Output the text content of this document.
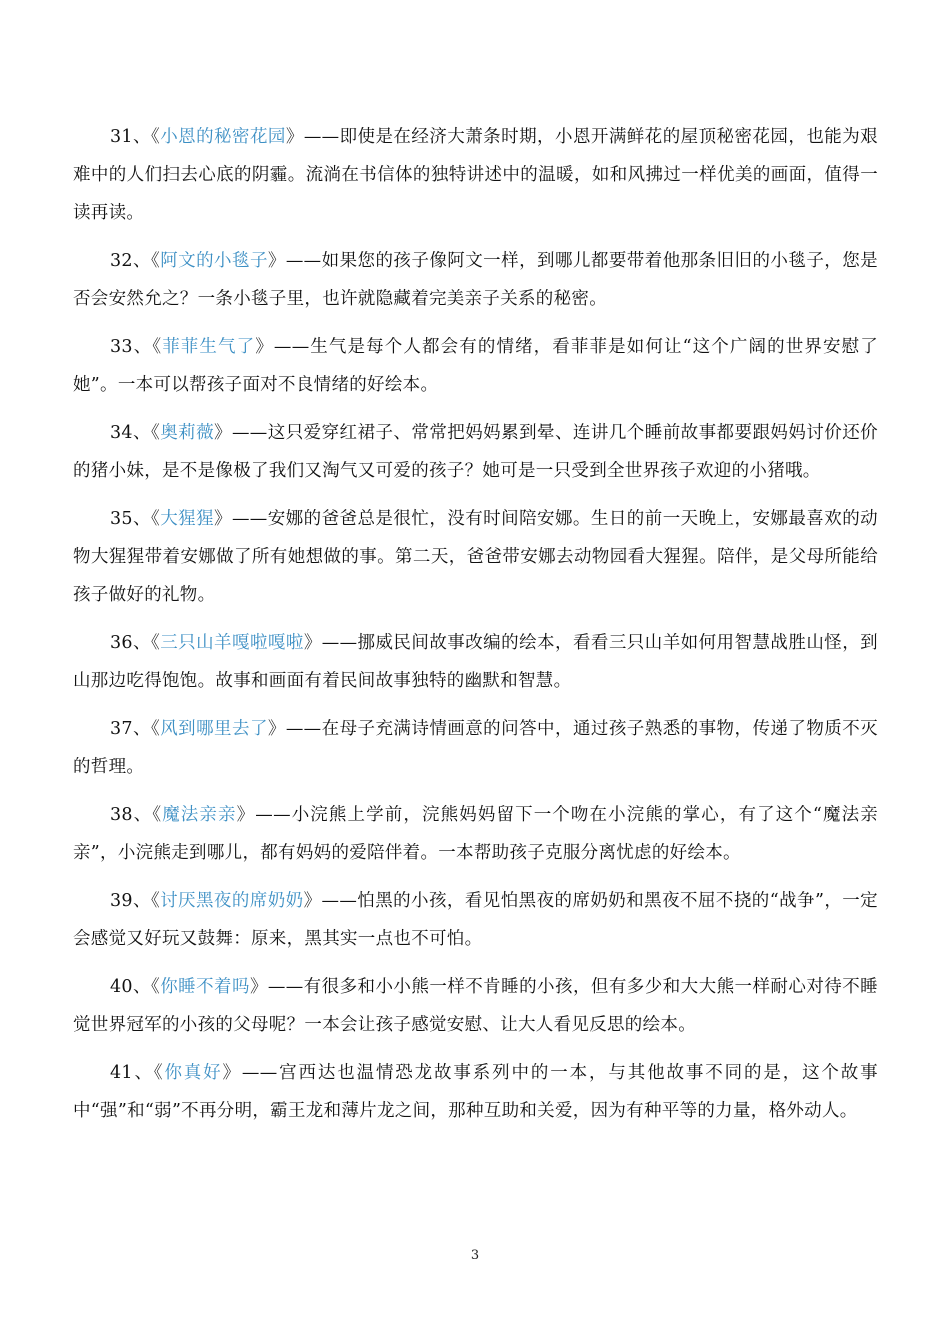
31、《小恩的秘密花园》——即使是在经济大萧条时期，小恩开满鲜花的屋顶秘密花园，也能为艰难中的人们扫去心底的阴霾。流淌在书信体的独特讲述中的温暖，如和风拂过一样优美的画面，值得一读再读。

32、《阿文的小毯子》——如果您的孩子像阿文一样，到哪儿都要带着他那条旧旧的小毯子，您是否会安然允之？一条小毯子里，也许就隐藏着完美亲子关系的秘密。

33、《菲菲生气了》——生气是每个人都会有的情绪，看菲菲是如何让“这个广阔的世界安慰了她”。一本可以帮孩子面对不良情绪的好绘本。

34、《奥莉薇》——这只爱穿红裙子、常常把妈妈累到晕、连讲几个睡前故事都要跟妈妈讨价还价的猪小妹，是不是像极了我们又淘气又可爱的孩子？她可是一只受到全世界孩子欢迎的小猪哦。

35、《大猩猩》——安娜的爸爸总是很忙，没有时间陪安娜。生日的前一天晚上，安娜最喜欢的动物大猩猩带着安娜做了所有她想做的事。第二天，爸爸带安娜去动物园看大猩猩。陪伴，是父母所能给孩子做好的礼物。

36、《三只山羊嘎啦嘎啦》——挪威民间故事改编的绘本，看看三只山羊如何用智慧战胜山怪，到山那边吃得饱饱。故事和画面有着民间故事独特的幽默和智慧。

37、《风到哪里去了》——在母子充满诗情画意的问答中，通过孩子熟悉的事物，传递了物质不灭的哲理。

38、《魔法亲亲》——小浣熊上学前，浣熊妈妈留下一个吻在小浣熊的掌心，有了这个“魔法亲亲”，小浣熊走到哪儿，都有妈妈的爱陪伴着。一本帮助孩子克服分离忧虑的好绘本。

39、《讨厌黑夜的席奶奶》——怕黑的小孩，看见怕黑夜的席奶奶和黑夜不屈不挠的“战争”，一定会感觉又好玩又鼓舞：原来，黑其实一点也不可怕。

40、《你睡不着吗》——有很多和小小熊一样不肯睡的小孩，但有多少和大大熊一样耐心对待不睡觉世界冠军的小孩的父母呢？一本会让孩子感觉安慰、让大人看见反思的绘本。

41、《你真好》——宫西达也温情恐龙故事系列中的一本，与其他故事不同的是，这个故事中“强”和“弱”不再分明，霸王龙和薄片龙之间，那种互助和关爱，因为有种平等的力量，格外动人。

3
